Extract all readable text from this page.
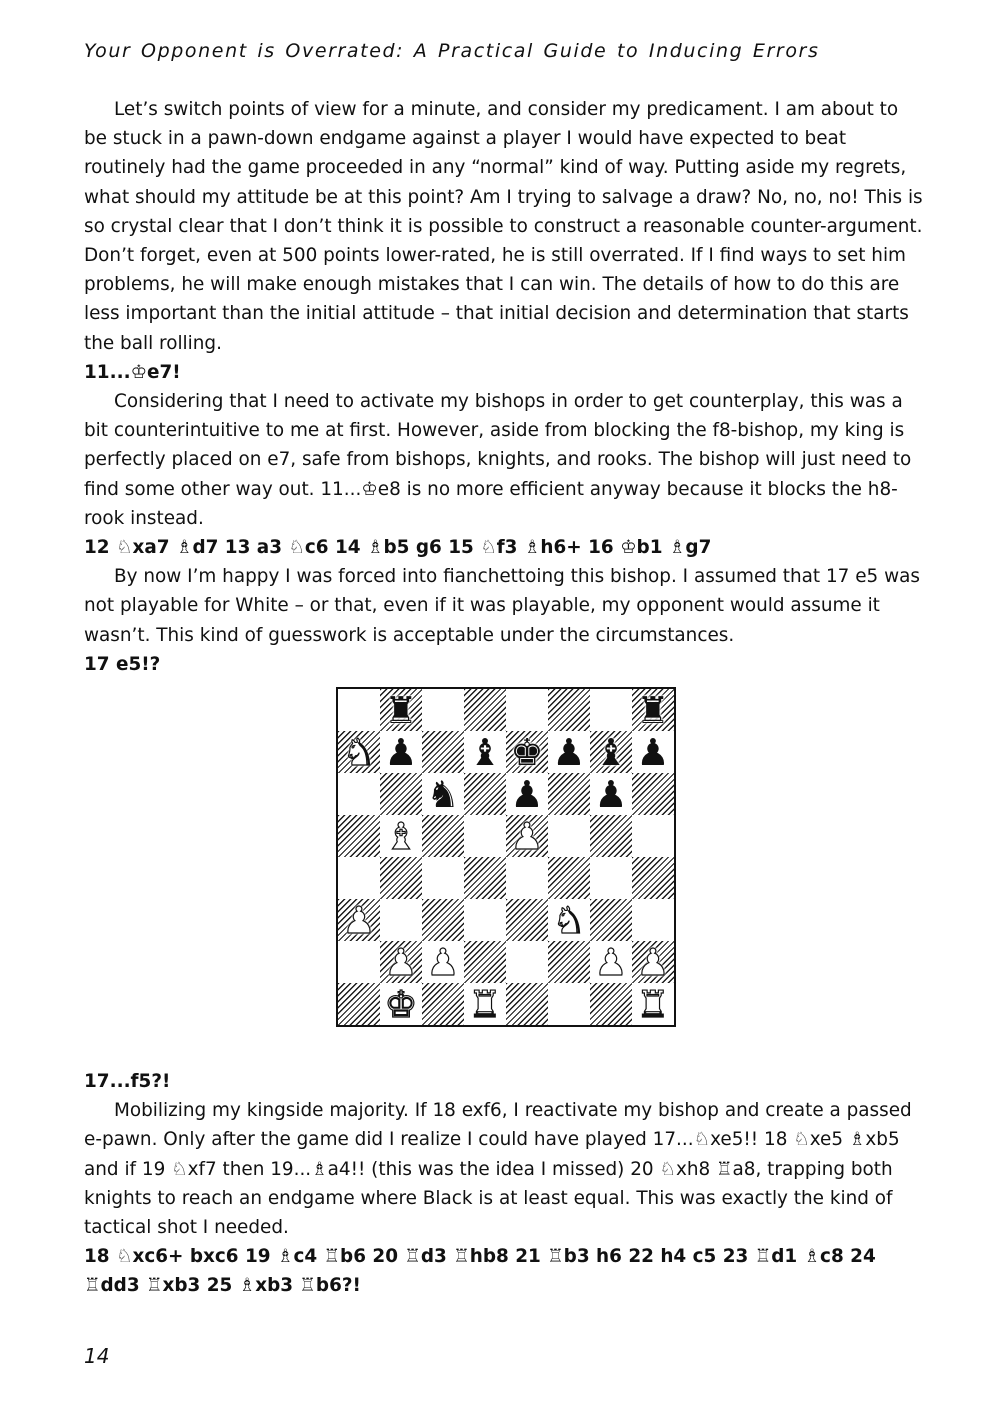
Your Opponent is Overrated: A Practical Guide to Inducing Errors

Let’s switch points of view for a minute, and consider my predicament. I am about to be stuck in a pawn-down endgame against a player I would have expected to beat routinely had the game proceeded in any “normal” kind of way. Putting aside my regrets, what should my attitude be at this point? Am I trying to salvage a draw? No, no, no! This is so crystal clear that I don’t think it is possible to construct a reasonable counter-argument. Don’t forget, even at 500 points lower-rated, he is still overrated. If I find ways to set him problems, he will make enough mistakes that I can win. The details of how to do this are less important than the initial attitude – that initial decision and determination that starts the ball rolling.

11...♔e7!

Considering that I need to activate my bishops in order to get counterplay, this was a bit counterintuitive to me at first. However, aside from blocking the f8-bishop, my king is perfectly placed on e7, safe from bishops, knights, and rooks. The bishop will just need to find some other way out. 11...♔e8 is no more efficient anyway because it blocks the h8-rook instead.

12 ♘xa7 ♗d7 13 a3 ♘c6 14 ♗b5 g6 15 ♘f3 ♗h6+ 16 ♔b1 ♗g7

By now I’m happy I was forced into fianchettoing this bishop. I assumed that 17 e5 was not playable for White – or that, even if it was playable, my opponent would assume it wasn’t. This kind of guesswork is acceptable under the circumstances.

17 e5!?

♜	♜
♞ ♟ ♝ ♚ ♟ ♝ ♟
♞ ♟ ♟
♝	♟
♟	♞
♟ ♟	♟ ♟
♚ ♜	♜

17...f5?!

Mobilizing my kingside majority. If 18 exf6, I reactivate my bishop and create a passed e-pawn. Only after the game did I realize I could have played 17...♘xe5!! 18 ♘xe5 ♗xb5 and if 19 ♘xf7 then 19...♗a4!! (this was the idea I missed) 20 ♘xh8 ♖a8, trapping both knights to reach an endgame where Black is at least equal. This was exactly the kind of tactical shot I needed.

18 ♘xc6+ bxc6 19 ♗c4 ♖b6 20 ♖d3 ♖hb8 21 ♖b3 h6 22 h4 c5 23 ♖d1 ♗c8 24 ♖dd3 ♖xb3 25 ♗xb3 ♖b6?!

14
